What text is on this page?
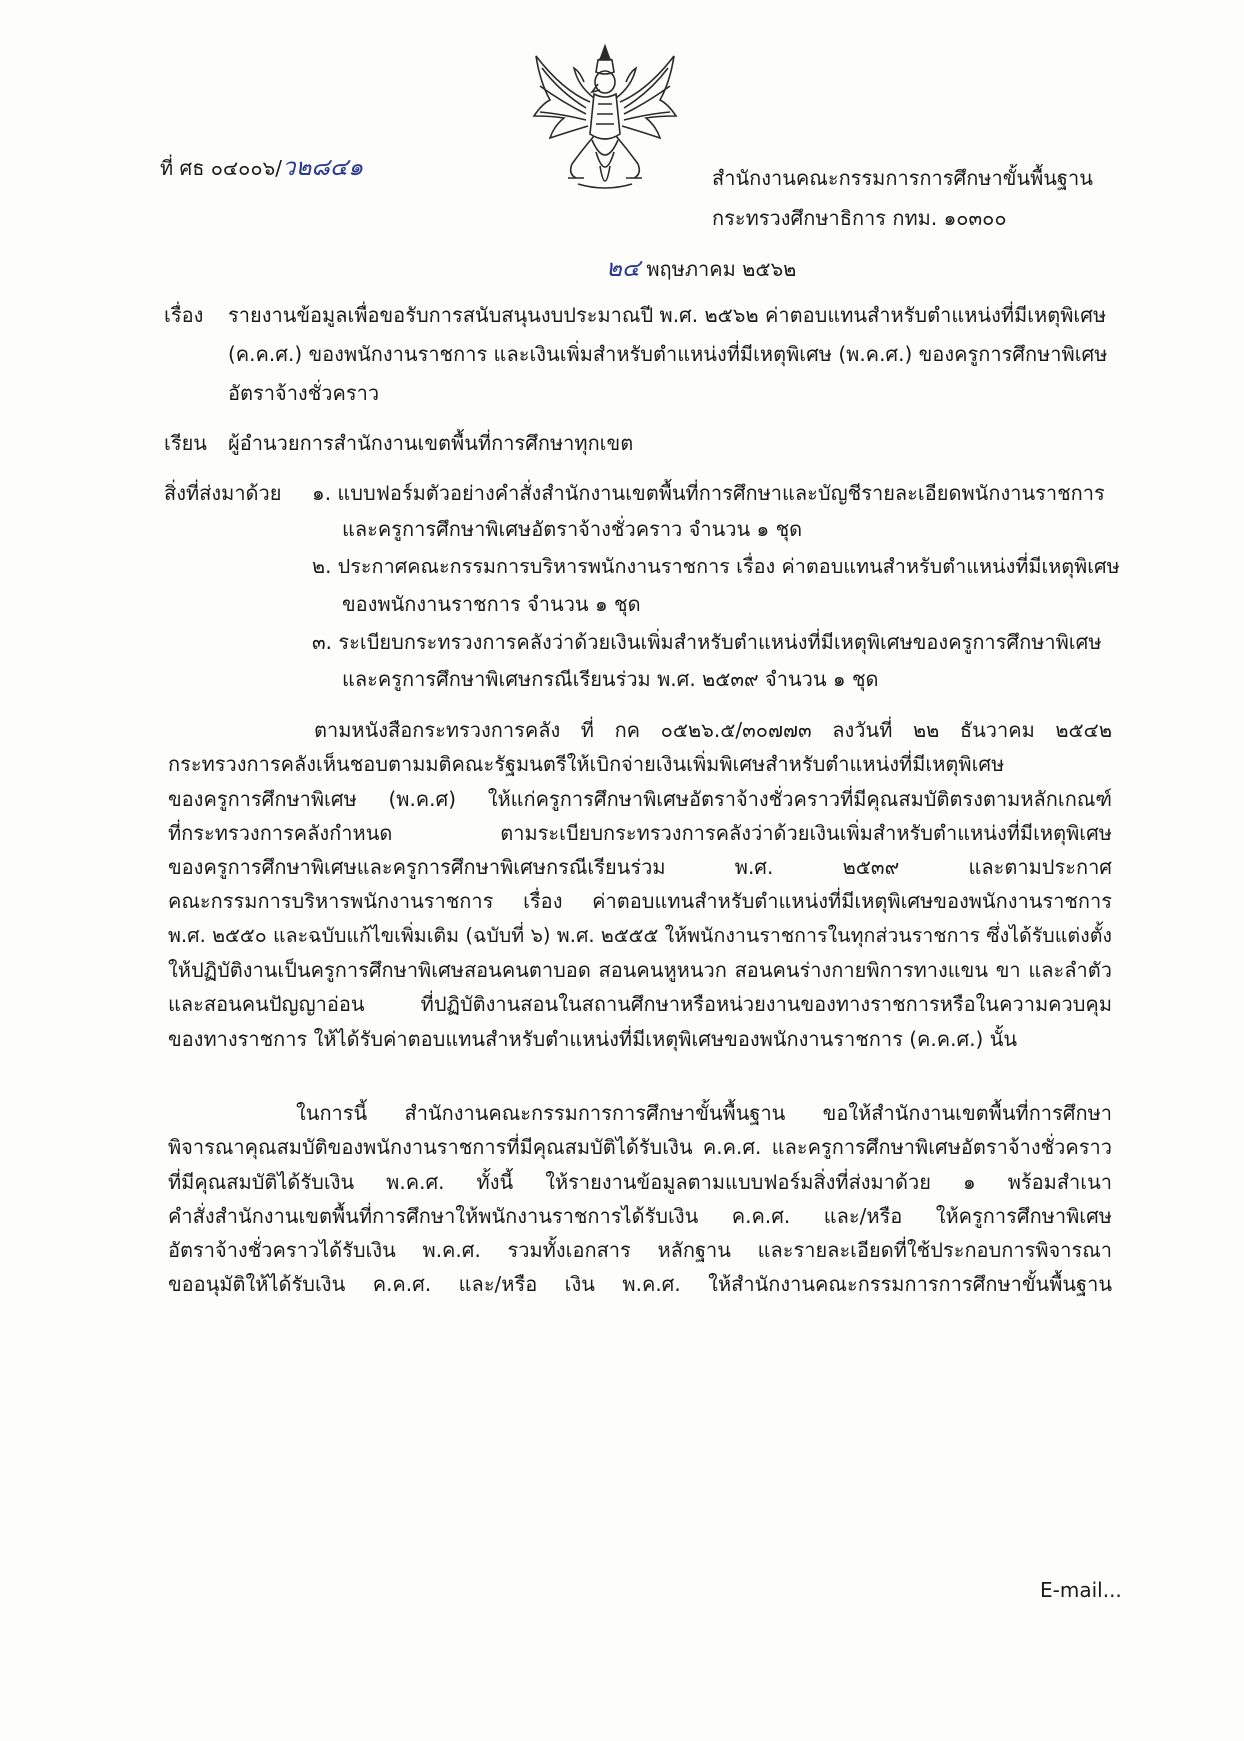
ที่ ศธ ๐๔๐๐๖/ว๒๘๔๑	สำนักงานคณะกรรมการการศึกษาขั้นพื้นฐาน
กระทรวงศึกษาธิการ กทม. ๑๐๓๐๐
๒๔ พฤษภาคม ๒๕๖๒
เรื่อง รายงานข้อมูลเพื่อขอรับการสนับสนุนงบประมาณปี พ.ศ. ๒๕๖๒ ค่าตอบแทนสำหรับตำแหน่งที่มีเหตุพิเศษ
(ค.ค.ศ.) ของพนักงานราชการ และเงินเพิ่มสำหรับตำแหน่งที่มีเหตุพิเศษ (พ.ค.ศ.) ของครูการศึกษาพิเศษ
อัตราจ้างชั่วคราว
เรียน ผู้อำนวยการสำนักงานเขตพื้นที่การศึกษาทุกเขต
สิ่งที่ส่งมาด้วย ๑. แบบฟอร์มตัวอย่างคำสั่งสำนักงานเขตพื้นที่การศึกษาและบัญชีรายละเอียดพนักงานราชการ
และครูการศึกษาพิเศษอัตราจ้างชั่วคราว จำนวน ๑ ชุด
๒. ประกาศคณะกรรมการบริหารพนักงานราชการ เรื่อง ค่าตอบแทนสำหรับตำแหน่งที่มีเหตุพิเศษ
ของพนักงานราชการ จำนวน ๑ ชุด
๓. ระเบียบกระทรวงการคลังว่าด้วยเงินเพิ่มสำหรับตำแหน่งที่มีเหตุพิเศษของครูการศึกษาพิเศษ
และครูการศึกษาพิเศษกรณีเรียนร่วม พ.ศ. ๒๕๓๙ จำนวน ๑ ชุด
ตามหนังสือกระทรวงการคลัง ที่ กค ๐๕๒๖.๕/๓๐๗๗๓ ลงวันที่ ๒๒ ธันวาคม ๒๕๔๒
กระทรวงการคลังเห็นชอบตามมติคณะรัฐมนตรีให้เบิกจ่ายเงินเพิ่มพิเศษสำหรับตำแหน่งที่มีเหตุพิเศษ
ของครูการศึกษาพิเศษ (พ.ค.ศ) ให้แก่ครูการศึกษาพิเศษอัตราจ้างชั่วคราวที่มีคุณสมบัติตรงตามหลักเกณฑ์
ที่กระทรวงการคลังกำหนด ตามระเบียบกระทรวงการคลังว่าด้วยเงินเพิ่มสำหรับตำแหน่งที่มีเหตุพิเศษ
ของครูการศึกษาพิเศษและครูการศึกษาพิเศษกรณีเรียนร่วม พ.ศ. ๒๕๓๙ และตามประกาศ
คณะกรรมการบริหารพนักงานราชการ เรื่อง ค่าตอบแทนสำหรับตำแหน่งที่มีเหตุพิเศษของพนักงานราชการ
พ.ศ. ๒๕๕๐ และฉบับแก้ไขเพิ่มเติม (ฉบับที่ ๖) พ.ศ. ๒๕๕๕ ให้พนักงานราชการในทุกส่วนราชการ ซึ่งได้รับแต่งตั้ง
ให้ปฏิบัติงานเป็นครูการศึกษาพิเศษสอนคนตาบอด สอนคนหูหนวก สอนคนร่างกายพิการทางแขน ขา และลำตัว
และสอนคนปัญญาอ่อน ที่ปฏิบัติงานสอนในสถานศึกษาหรือหน่วยงานของทางราชการหรือในความควบคุม
ของทางราชการ ให้ได้รับค่าตอบแทนสำหรับตำแหน่งที่มีเหตุพิเศษของพนักงานราชการ (ค.ค.ศ.) นั้น
ในการนี้ สำนักงานคณะกรรมการการศึกษาขั้นพื้นฐาน ขอให้สำนักงานเขตพื้นที่การศึกษา
พิจารณาคุณสมบัติของพนักงานราชการที่มีคุณสมบัติได้รับเงิน ค.ค.ศ. และครูการศึกษาพิเศษอัตราจ้างชั่วคราว
ที่มีคุณสมบัติได้รับเงิน พ.ค.ศ. ทั้งนี้ ให้รายงานข้อมูลตามแบบฟอร์มสิ่งที่ส่งมาด้วย ๑ พร้อมสำเนา
คำสั่งสำนักงานเขตพื้นที่การศึกษาให้พนักงานราชการได้รับเงิน ค.ค.ศ. และ/หรือ ให้ครูการศึกษาพิเศษ
อัตราจ้างชั่วคราวได้รับเงิน พ.ค.ศ. รวมทั้งเอกสาร หลักฐาน และรายละเอียดที่ใช้ประกอบการพิจารณา
ขออนุมัติให้ได้รับเงิน ค.ค.ศ. และ/หรือ เงิน พ.ค.ศ. ให้สำนักงานคณะกรรมการการศึกษาขั้นพื้นฐาน
E-mail...
